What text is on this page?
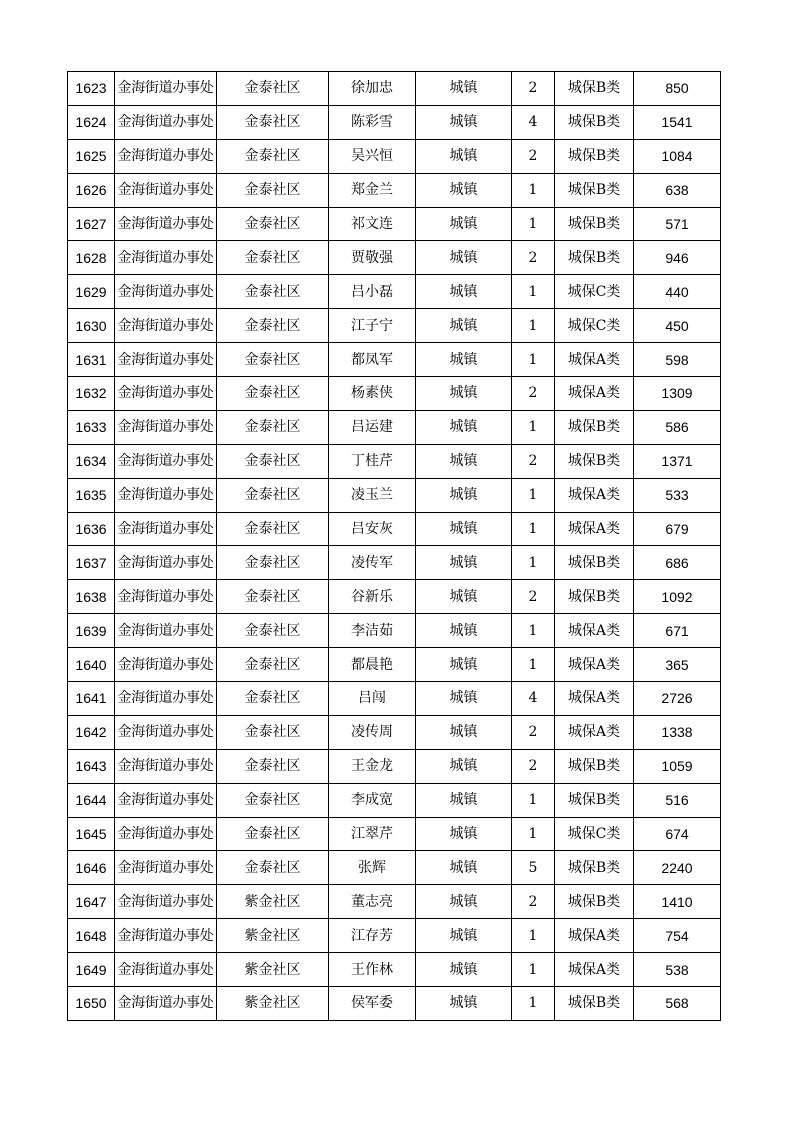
1623	金海街道办事处	金泰社区	徐加忠	城镇	2	城保B类	850
1624	金海街道办事处	金泰社区	陈彩雪	城镇	4	城保B类	1541
1625	金海街道办事处	金泰社区	吴兴恒	城镇	2	城保B类	1084
1626	金海街道办事处	金泰社区	郑金兰	城镇	1	城保B类	638
1627	金海街道办事处	金泰社区	祁文连	城镇	1	城保B类	571
1628	金海街道办事处	金泰社区	贾敬强	城镇	2	城保B类	946
1629	金海街道办事处	金泰社区	吕小磊	城镇	1	城保C类	440
1630	金海街道办事处	金泰社区	江子宁	城镇	1	城保C类	450
1631	金海街道办事处	金泰社区	都凤军	城镇	1	城保A类	598
1632	金海街道办事处	金泰社区	杨素侠	城镇	2	城保A类	1309
1633	金海街道办事处	金泰社区	吕运建	城镇	1	城保B类	586
1634	金海街道办事处	金泰社区	丁桂芹	城镇	2	城保B类	1371
1635	金海街道办事处	金泰社区	凌玉兰	城镇	1	城保A类	533
1636	金海街道办事处	金泰社区	吕安灰	城镇	1	城保A类	679
1637	金海街道办事处	金泰社区	凌传军	城镇	1	城保B类	686
1638	金海街道办事处	金泰社区	谷新乐	城镇	2	城保B类	1092
1639	金海街道办事处	金泰社区	李洁茹	城镇	1	城保A类	671
1640	金海街道办事处	金泰社区	都晨艳	城镇	1	城保A类	365
1641	金海街道办事处	金泰社区	吕闯	城镇	4	城保A类	2726
1642	金海街道办事处	金泰社区	凌传周	城镇	2	城保A类	1338
1643	金海街道办事处	金泰社区	王金龙	城镇	2	城保B类	1059
1644	金海街道办事处	金泰社区	李成宽	城镇	1	城保B类	516
1645	金海街道办事处	金泰社区	江翠芹	城镇	1	城保C类	674
1646	金海街道办事处	金泰社区	张辉	城镇	5	城保B类	2240
1647	金海街道办事处	紫金社区	董志亮	城镇	2	城保B类	1410
1648	金海街道办事处	紫金社区	江存芳	城镇	1	城保A类	754
1649	金海街道办事处	紫金社区	王作林	城镇	1	城保A类	538
1650	金海街道办事处	紫金社区	侯军委	城镇	1	城保B类	568
